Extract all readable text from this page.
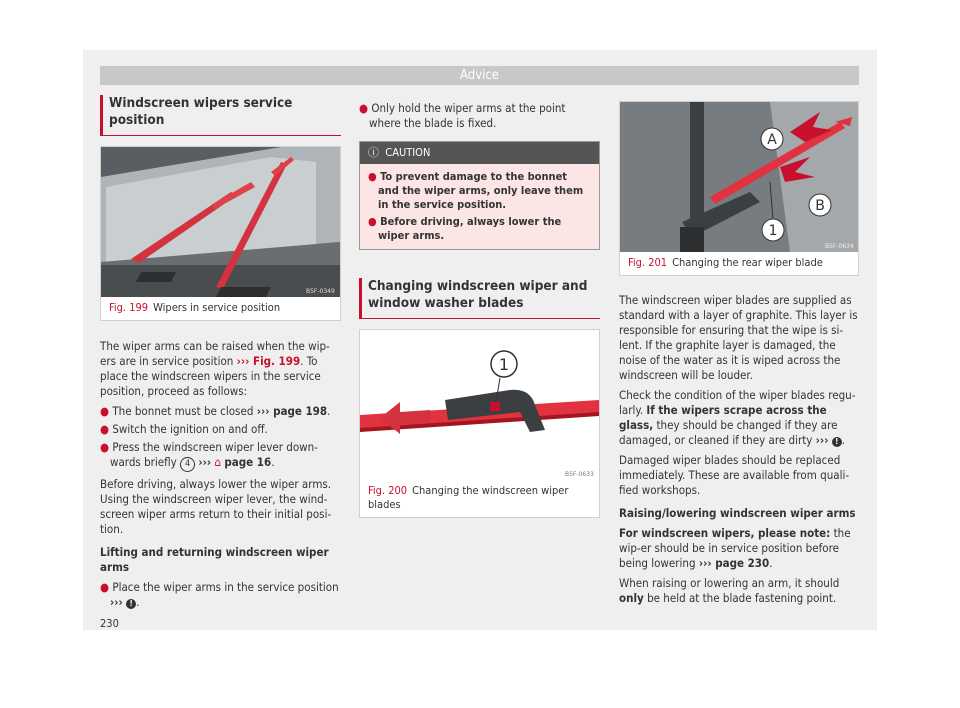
Advice
Windscreen wipers service position
B5F-0349
Fig. 199 Wipers in service position

The wiper arms can be raised when the wip-ers are in service position ››› Fig. 199. To place the windscreen wipers in the service position, proceed as follows:

● The bonnet must be closed ››› page 198.

● Switch the ignition on and off.

● Press the windscreen wiper lever down-wards briefly 4 ››› ⌂ page 16.

Before driving, always lower the wiper arms. Using the windscreen wiper lever, the wind-screen wiper arms return to their initial posi-tion.

Lifting and returning windscreen wiper arms

● Place the wiper arms in the service position ››› ! .

● Only hold the wiper arms at the point where the blade is fixed.

ⓘ CAUTION

● To prevent damage to the bonnet and the wiper arms, only leave them in the service position.

● Before driving, always lower the wiper arms.

Changing windscreen wiper and window washer blades
1
B5F-0633
Fig. 200 Changing the windscreen wiper blades
A
B
1
B5F-0634
Fig. 201 Changing the rear wiper blade

The windscreen wiper blades are supplied as standard with a layer of graphite. This layer is responsible for ensuring that the wipe is si-lent. If the graphite layer is damaged, the noise of the water as it is wiped across the windscreen will be louder.

Check the condition of the wiper blades regu-larly. If the wipers scrape across the glass, they should be changed if they are damaged, or cleaned if they are dirty ››› ! .

Damaged wiper blades should be replaced immediately. These are available from quali-fied workshops.

Raising/lowering windscreen wiper arms

For windscreen wipers, please note: the wip-er should be in service position before being lowering ››› page 230.

When raising or lowering an arm, it should only be held at the blade fastening point.

230
